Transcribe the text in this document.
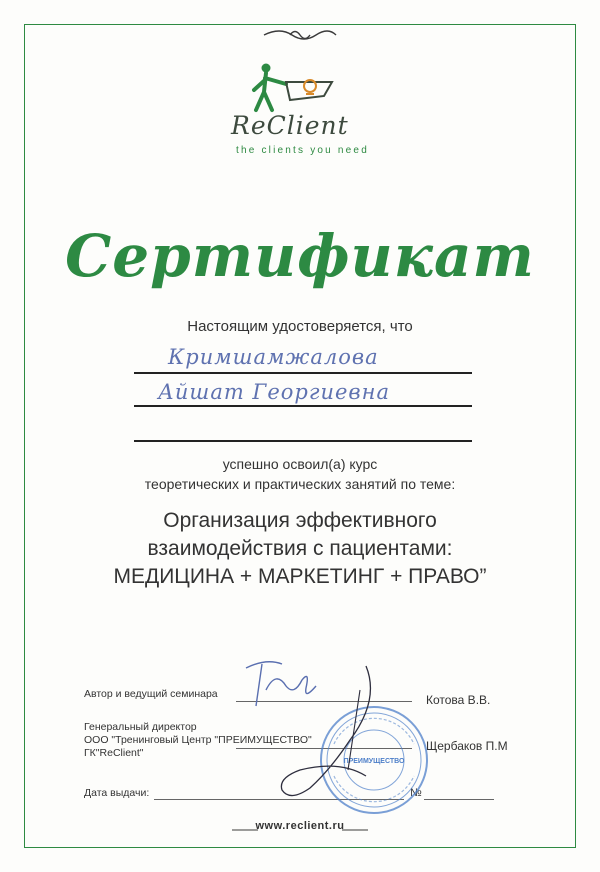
ReClient
the clients you need
Сертификат
Настоящим удостоверяется, что
Кримшамжалова
Айшат Георгиевна
успешно освоил(а) курс
теоретических и практических занятий по теме:
Организация эффективного
взаимодействия с пациентами:
МЕДИЦИНА + МАРКЕТИНГ + ПРАВО”
Автор и ведущий семинара	Котова В.В.
Генеральный директор
ООО "Тренинговый Центр "ПРЕИМУЩЕСТВО"
ГК"ReClient"	Щербаков П.М
Дата выдачи:	№
ПРЕИМУЩЕСТВО
www.reclient.ru
